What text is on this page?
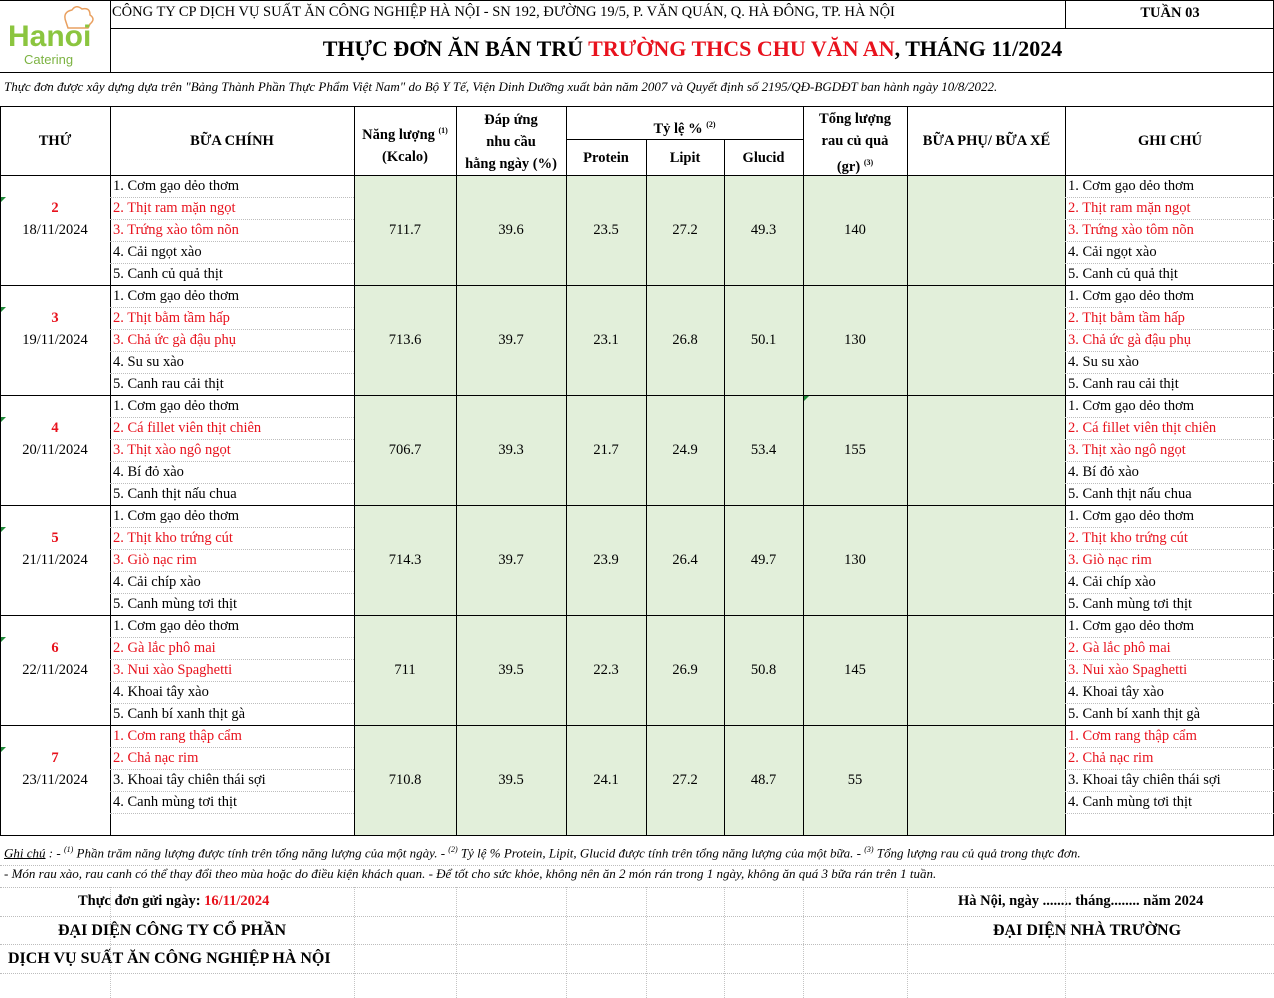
Hanoi
Catering
CÔNG TY CP DỊCH VỤ SUẤT ĂN CÔNG NGHIỆP HÀ NỘI - SN 192, ĐƯỜNG 19/5, P. VĂN QUÁN, Q. HÀ ĐÔNG, TP. HÀ NỘI	TUẦN 03
THỰC ĐƠN ĂN BÁN TRÚ TRƯỜNG THCS CHU VĂN AN, THÁNG 11/2024
Thực đơn được xây dựng dựa trên "Bảng Thành Phần Thực Phẩm Việt Nam" do Bộ Y Tế, Viện Dinh Dưỡng xuất bản năm 2007 và Quyết định số 2195/QĐ-BGDĐT ban hành ngày 10/8/2022.
THỨ	BỮA CHÍNH	Năng lượng $^{(1)}$
(Kcalo)
Đáp ứng
nhu cầu
hằng ngày (%)
Tỷ lệ % $^{(2)}$
Protein	Lipit	Glucid
Tổng lượng
rau củ quả
(gr) $^{(3)}$
BỮA PHỤ/ BỮA XẾ	GHI CHÚ
2
18/11/2024
1. Cơm gạo dẻo thơm	1. Cơm gạo dẻo thơm
2. Thịt ram mặn ngọt	2. Thịt ram mặn ngọt
3. Trứng xào tôm nõn	3. Trứng xào tôm nõn
4. Cải ngọt xào	4. Cải ngọt xào
5. Canh củ quả thịt	5. Canh củ quả thịt
711.7	39.6	23.5	27.2	49.3	140
3
19/11/2024
1. Cơm gạo dẻo thơm	1. Cơm gạo dẻo thơm
2. Thịt bằm tầm hấp	2. Thịt bằm tầm hấp
3. Chả ức gà đậu phụ	3. Chả ức gà đậu phụ
4. Su su xào	4. Su su xào
5. Canh rau cải thịt	5. Canh rau cải thịt
713.6	39.7	23.1	26.8	50.1	130
4
20/11/2024
1. Cơm gạo dẻo thơm	1. Cơm gạo dẻo thơm
2. Cá fillet viên thịt chiên	2. Cá fillet viên thịt chiên
3. Thịt xào ngô ngọt	3. Thịt xào ngô ngọt
4. Bí đỏ xào	4. Bí đỏ xào
5. Canh thịt nấu chua	5. Canh thịt nấu chua
706.7	39.3	21.7	24.9	53.4	155
5
21/11/2024
1. Cơm gạo dẻo thơm	1. Cơm gạo dẻo thơm
2. Thịt kho trứng cút	2. Thịt kho trứng cút
3. Giò nạc rim	3. Giò nạc rim
4. Cải chíp xào	4. Cải chíp xào
5. Canh mùng tơi thịt	5. Canh mùng tơi thịt
714.3	39.7	23.9	26.4	49.7	130
6
22/11/2024
1. Cơm gạo dẻo thơm	1. Cơm gạo dẻo thơm
2. Gà lắc phô mai	2. Gà lắc phô mai
3. Nui xào Spaghetti	3. Nui xào Spaghetti
4. Khoai tây xào	4. Khoai tây xào
5. Canh bí xanh thịt gà	5. Canh bí xanh thịt gà
711	39.5	22.3	26.9	50.8	145
7
23/11/2024
1. Cơm rang thập cẩm	1. Cơm rang thập cẩm
2. Chả nạc rim	2. Chả nạc rim
3. Khoai tây chiên thái sợi	3. Khoai tây chiên thái sợi
4. Canh mùng tơi thịt	4. Canh mùng tơi thịt
710.8	39.5	24.1	27.2	48.7	55
Ghi chú : - $^{(1)}$ Phần trăm năng lượng được tính trên tổng năng lượng của một ngày. - $^{(2)}$ Tỷ lệ % Protein, Lipit, Glucid được tính trên tổng năng lượng của một bữa. - $^{(3)}$ Tổng lượng rau củ quả trong thực đơn.
- Món rau xào, rau canh có thể thay đổi theo mùa hoặc do điều kiện khách quan. - Để tốt cho sức khỏe, không nên ăn 2 món rán trong 1 ngày, không ăn quá 3 bữa rán trên 1 tuần.
Thực đơn gửi ngày: 16/11/2024	Hà Nội, ngày ........ tháng........ năm 2024
ĐẠI DIỆN CÔNG TY CỔ PHẦN
DỊCH VỤ SUẤT ĂN CÔNG NGHIỆP HÀ NỘI
ĐẠI DIỆN NHÀ TRƯỜNG
